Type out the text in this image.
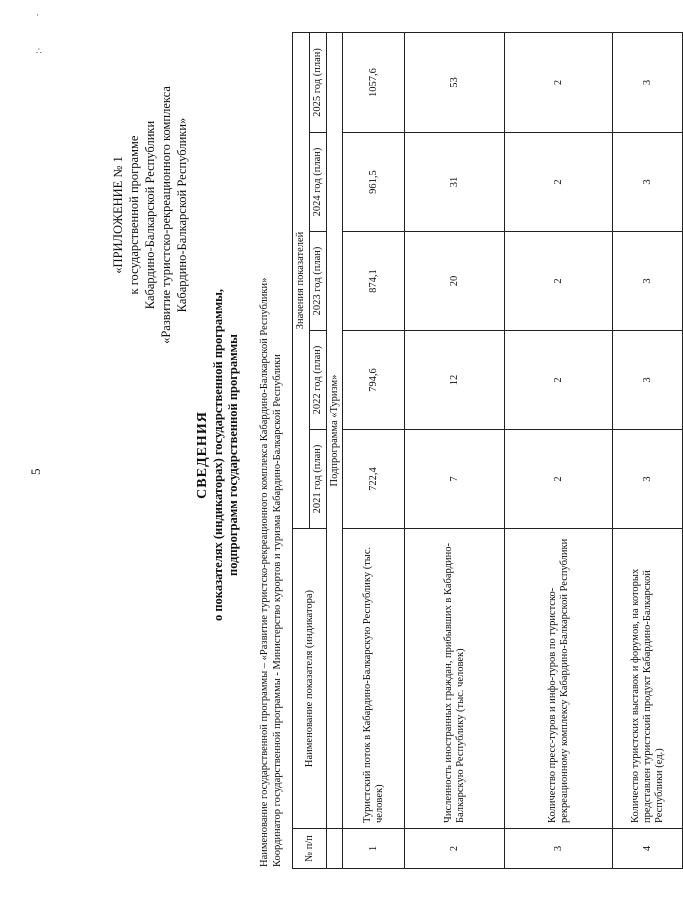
·
∴
5
«ПРИЛОЖЕНИЕ № 1 к государственной программе Кабардино-Балкарской Республики «Развитие туристско-рекреационного комплекса Кабардино-Балкарской Республики»
СВЕДЕНИЯ о показателях (индикаторах) государственной программы, подпрограмм государственной программы Наименование государственной программы – «Развитие туристско-рекреационного комплекса Кабардино-Балкарской Республики» Координатор государственной программы - Министерство курортов и туризма Кабардино-Балкарской Республики № п/п	Наименование показателя (индикатора)	Значения показателей				
		2021 год (план)	2022 год (план)	2023 год (план)	2024 год (план)	2025 год (план)
	Подпрограмма «Туризм»					
1	Туристский поток в Кабардино-Балкарскую Республику (тыс. человек)	722,4	794,6	874,1	961,5	1057,6
2	Численность иностранных граждан, прибывших в Кабардино-Балкарскую Республику (тыс. человек)	7	12	20	31	53
3	Количество пресс-туров и инфо-туров по туристско-рекреационному комплексу Кабардино-Балкарской Республики	2	2	2	2	2
4	Количество туристских выставок и форумов, на которых представлен туристский продукт Кабардино-Балкарской Республики (ед.)	3	3	3	3	3
